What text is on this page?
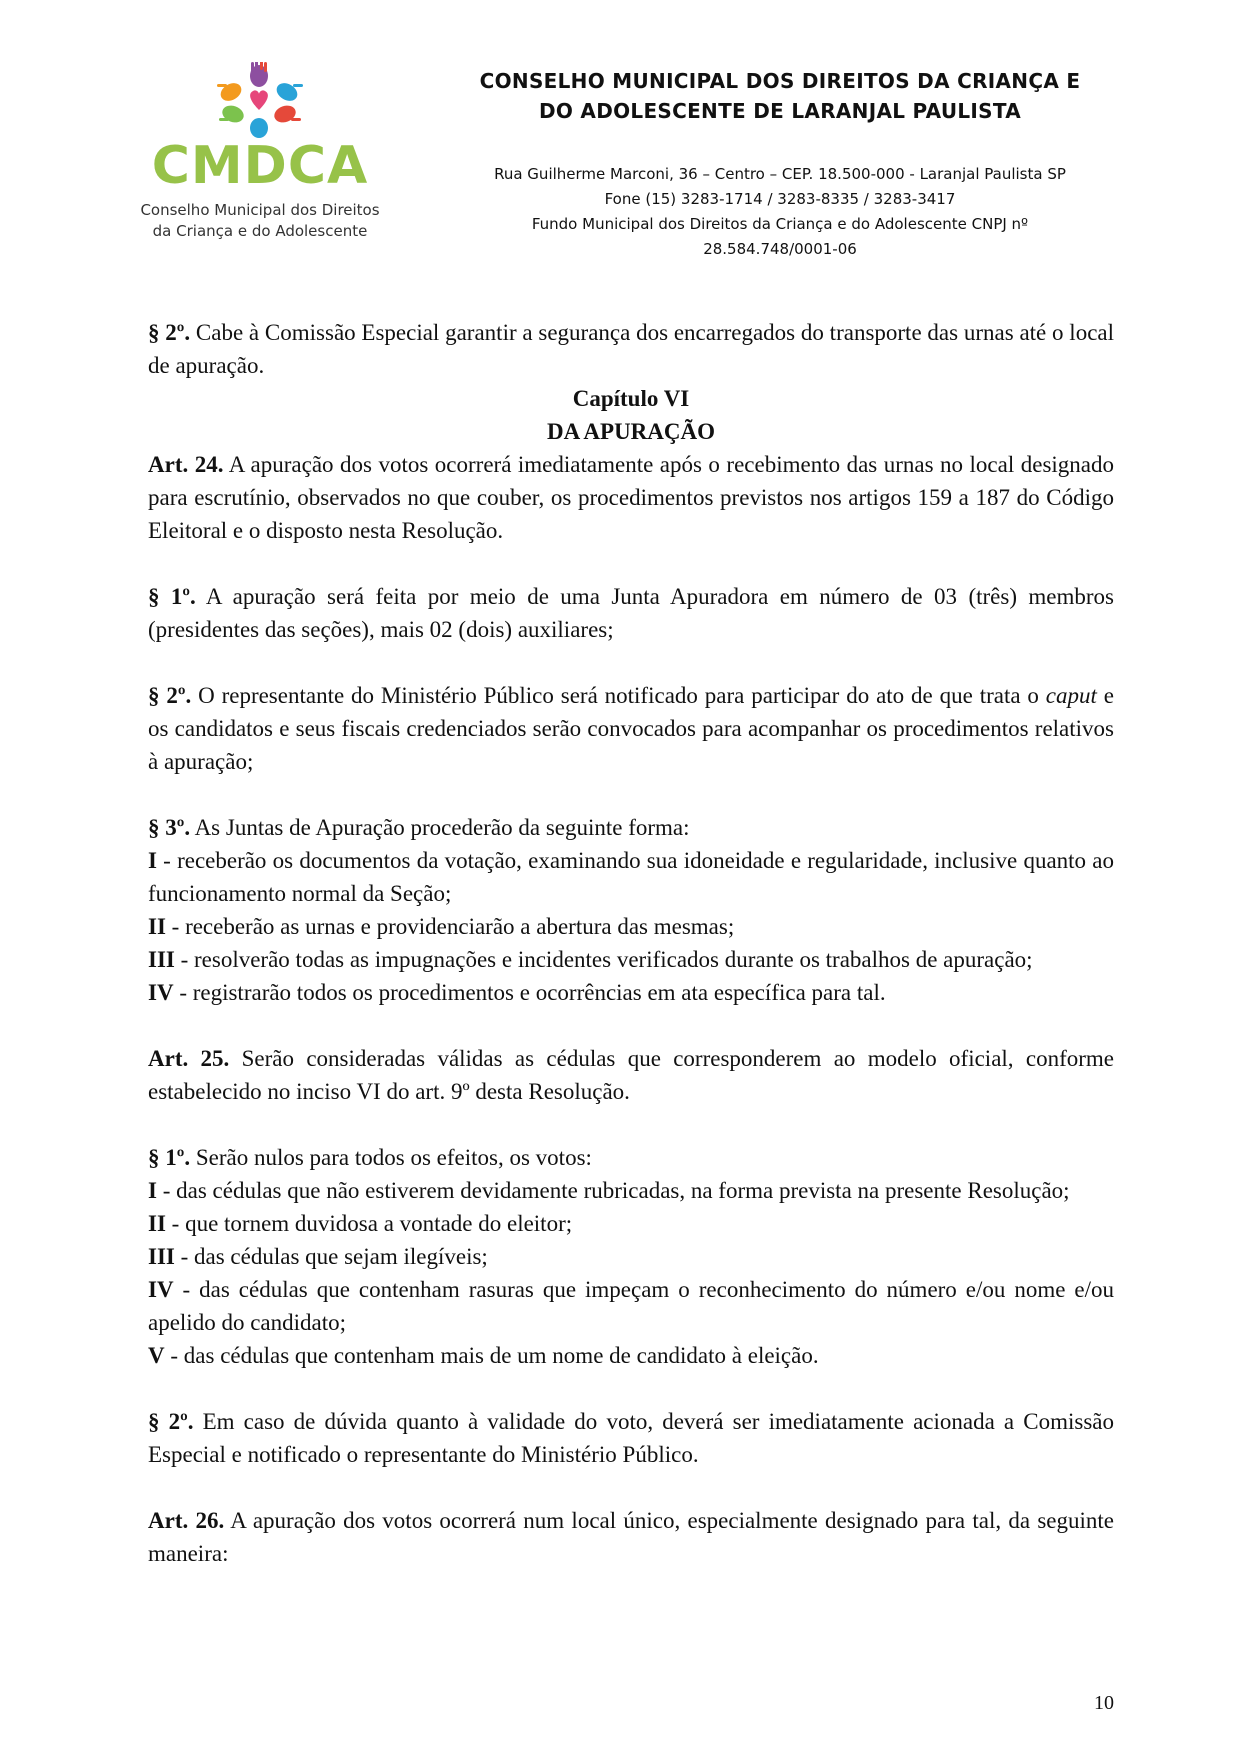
CMDCA
Conselho Municipal dos Direitos
da Criança e do Adolescente
CONSELHO MUNICIPAL DOS DIREITOS DA CRIANÇA E
DO ADOLESCENTE DE LARANJAL PAULISTA
Rua Guilherme Marconi, 36 – Centro – CEP. 18.500-000 - Laranjal Paulista SP
Fone (15) 3283-1714 / 3283-8335 / 3283-3417
Fundo Municipal dos Direitos da Criança e do Adolescente CNPJ nº
28.584.748/0001-06

§ 2º. Cabe à Comissão Especial garantir a segurança dos encarregados do transporte das urnas até o local de apuração.

Capítulo VI

DA APURAÇÃO

Art. 24. A apuração dos votos ocorrerá imediatamente após o recebimento das urnas no local designado para escrutínio, observados no que couber, os procedimentos previstos nos artigos 159 a 187 do Código Eleitoral e o disposto nesta Resolução.

§ 1º. A apuração será feita por meio de uma Junta Apuradora em número de 03 (três) membros (presidentes das seções), mais 02 (dois) auxiliares;

§ 2º. O representante do Ministério Público será notificado para participar do ato de que trata o caput e os candidatos e seus fiscais credenciados serão convocados para acompanhar os procedimentos relativos à apuração;

§ 3º. As Juntas de Apuração procederão da seguinte forma:

I - receberão os documentos da votação, examinando sua idoneidade e regularidade, inclusive quanto ao funcionamento normal da Seção;

II - receberão as urnas e providenciarão a abertura das mesmas;

III - resolverão todas as impugnações e incidentes verificados durante os trabalhos de apuração;

IV - registrarão todos os procedimentos e ocorrências em ata específica para tal.

Art. 25. Serão consideradas válidas as cédulas que corresponderem ao modelo oficial, conforme estabelecido no inciso VI do art. 9º desta Resolução.

§ 1º. Serão nulos para todos os efeitos, os votos:

I - das cédulas que não estiverem devidamente rubricadas, na forma prevista na presente Resolução;

II - que tornem duvidosa a vontade do eleitor;

III - das cédulas que sejam ilegíveis;

IV - das cédulas que contenham rasuras que impeçam o reconhecimento do número e/ou nome e/ou apelido do candidato;

V - das cédulas que contenham mais de um nome de candidato à eleição.

§ 2º. Em caso de dúvida quanto à validade do voto, deverá ser imediatamente acionada a Comissão Especial e notificado o representante do Ministério Público.

Art. 26. A apuração dos votos ocorrerá num local único, especialmente designado para tal, da seguinte maneira:

10
